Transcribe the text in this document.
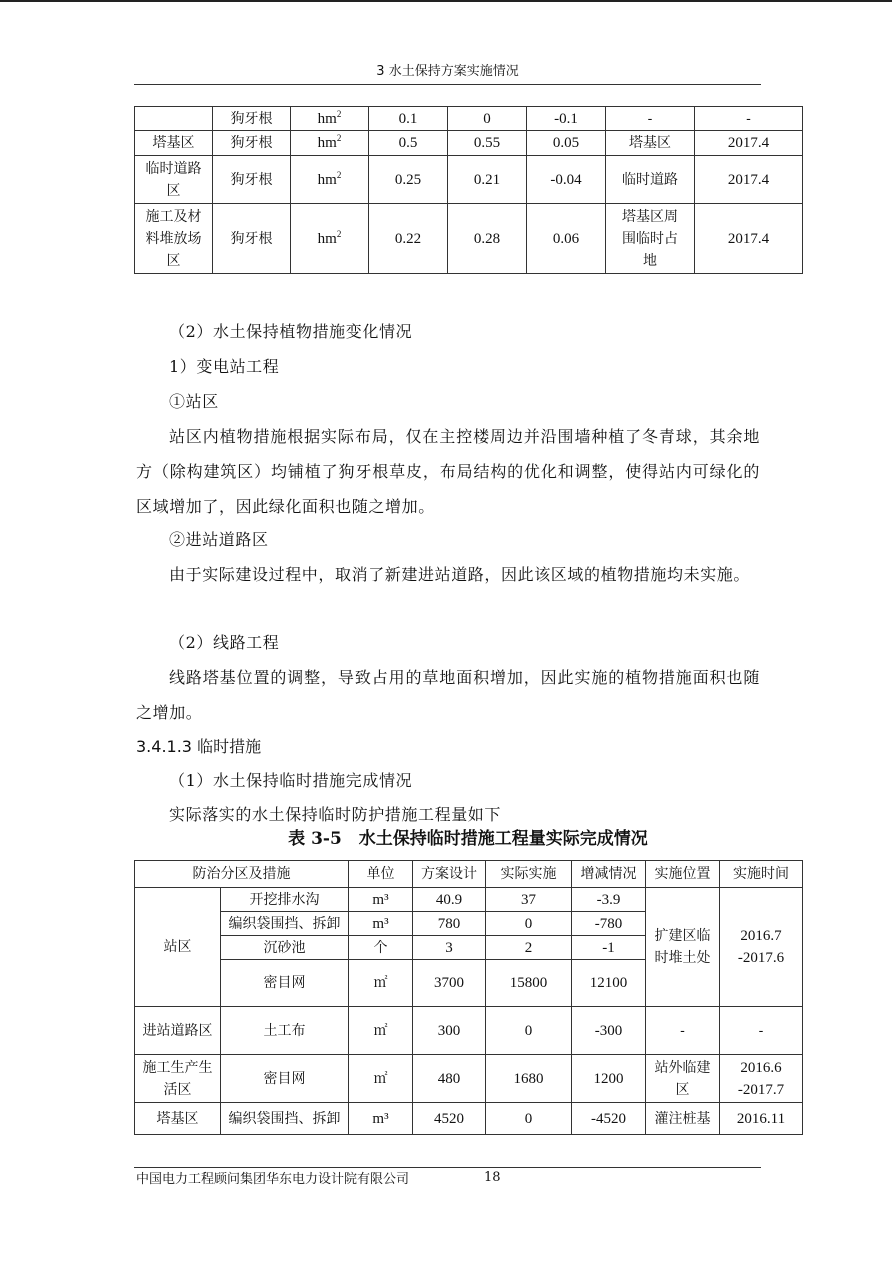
3 水土保持方案实施情况
	狗牙根	$hm^2$	0.1	0	-0.1	-	-
塔基区	狗牙根	$hm^2$	0.5	0.55	0.05	塔基区	2017.4
临时道路区	狗牙根	$hm^2$	0.25	0.21	-0.04	临时道路	2017.4
施工及材料堆放场区	狗牙根	$hm^2$	0.22	0.28	0.06	塔基区周围临时占地	2017.4
（2）水土保持植物措施变化情况
1）变电站工程
①站区
站区内植物措施根据实际布局，仅在主控楼周边并沿围墙种植了冬青球，其余地方（除构建筑区）均铺植了狗牙根草皮，布局结构的优化和调整，使得站内可绿化的区域增加了，因此绿化面积也随之增加。
②进站道路区
由于实际建设过程中，取消了新建进站道路，因此该区域的植物措施均未实施。
（2）线路工程
线路塔基位置的调整，导致占用的草地面积增加，因此实施的植物措施面积也随之增加。
3.4.1.3 临时措施
（1）水土保持临时措施完成情况
实际落实的水土保持临时防护措施工程量如下
表 3-5　水土保持临时措施工程量实际完成情况
防治分区及措施		单位	方案设计	实际实施	增减情况	实施位置	实施时间
站区	开挖排水沟	m³	40.9	37	-3.9	扩建区临时堆土处	2016.7 -2017.6
	编织袋围挡、拆卸	m³	780	0	-780		
	沉砂池	个	3	2	-1		
	密目网	㎡	3700	15800	12100		
进站道路区	土工布	㎡	300	0	-300	-	-
施工生产生活区	密目网	㎡	480	1680	1200	站外临建区	2016.6 -2017.7
塔基区	编织袋围挡、拆卸	m³	4520	0	-4520	灌注桩基	2016.11
中国电力工程顾问集团华东电力设计院有限公司	18
